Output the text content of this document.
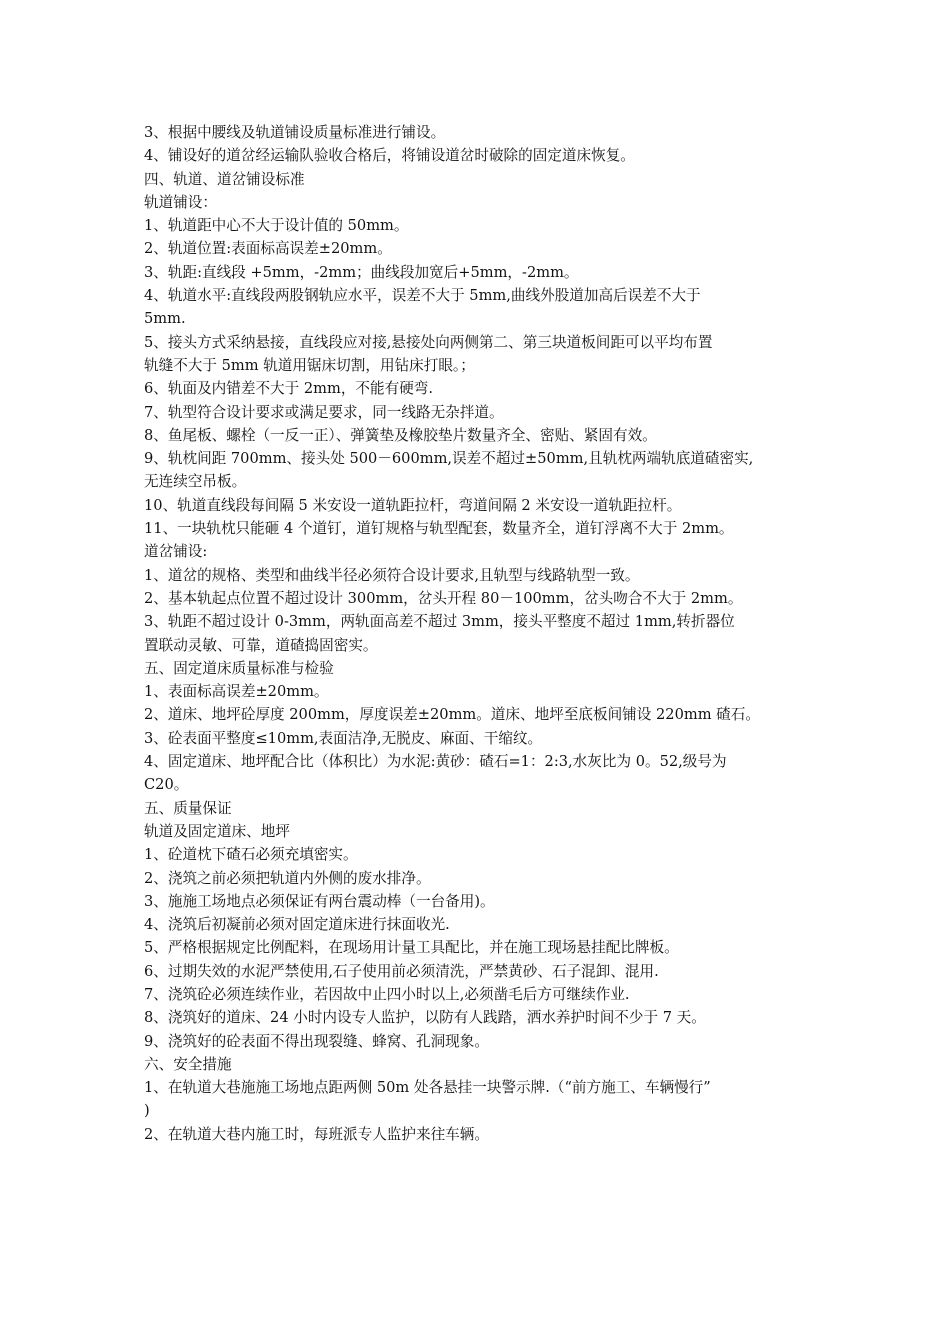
3、根据中腰线及轨道铺设质量标准进行铺设。
4、铺设好的道岔经运输队验收合格后，将铺设道岔时破除的固定道床恢复。
四、轨道、道岔铺设标准
轨道铺设：
1、轨道距中心不大于设计值的 50mm。
2、轨道位置:表面标高误差±20mm。
3、轨距:直线段 +5mm，-2mm；曲线段加宽后+5mm，-2mm。
4、轨道水平:直线段两股钢轨应水平，误差不大于 5mm,曲线外股道加高后误差不大于
5mm.
5、接头方式采纳悬接，直线段应对接,悬接处向两侧第二、第三块道板间距可以平均布置
轨缝不大于 5mm 轨道用锯床切割，用钻床打眼。；
6、轨面及内错差不大于 2mm，不能有硬弯.
7、轨型符合设计要求或满足要求，同一线路无杂拌道。
8、鱼尾板、螺栓（一反一正）、弹簧垫及橡胶垫片数量齐全、密贴、紧固有效。
9、轨枕间距 700mm、接头处 500－600mm,误差不超过±50mm,且轨枕两端轨底道碴密实,
无连续空吊板。
10、轨道直线段每间隔 5 米安设一道轨距拉杆，弯道间隔 2 米安设一道轨距拉杆。
11、一块轨枕只能砸 4 个道钉，道钉规格与轨型配套，数量齐全，道钉浮离不大于 2mm。
道岔铺设:
1、道岔的规格、类型和曲线半径必须符合设计要求,且轨型与线路轨型一致。
2、基本轨起点位置不超过设计 300mm，岔头开程 80－100mm，岔头吻合不大于 2mm。
3、轨距不超过设计 0-3mm，两轨面高差不超过 3mm，接头平整度不超过 1mm,转折器位
置联动灵敏、可靠，道碴捣固密实。
五、固定道床质量标准与检验
1、表面标高误差±20mm。
2、道床、地坪砼厚度 200mm，厚度误差±20mm。道床、地坪至底板间铺设 220mm 碴石。
3、砼表面平整度≤10mm,表面洁净,无脱皮、麻面、干缩纹。
4、固定道床、地坪配合比（体积比）为水泥:黄砂：碴石=1：2:3,水灰比为 0。52,级号为
C20。
五、质量保证
轨道及固定道床、地坪
1、砼道枕下碴石必须充填密实。
2、浇筑之前必须把轨道内外侧的废水排净。
3、施施工场地点必须保证有两台震动棒（一台备用)。
4、浇筑后初凝前必须对固定道床进行抹面收光.
5、严格根据规定比例配料，在现场用计量工具配比，并在施工现场悬挂配比牌板。
6、过期失效的水泥严禁使用,石子使用前必须清洗，严禁黄砂、石子混卸、混用.
7、浇筑砼必须连续作业，若因故中止四小时以上,必须凿毛后方可继续作业.
8、浇筑好的道床、24 小时内设专人监护，以防有人践踏，洒水养护时间不少于 7 天。
9、浇筑好的砼表面不得出现裂缝、蜂窝、孔洞现象。
六、安全措施
1、在轨道大巷施施工场地点距两侧 50m 处各悬挂一块警示牌.（“前方施工、车辆慢行”
)
2、在轨道大巷内施工时，每班派专人监护来往车辆。
